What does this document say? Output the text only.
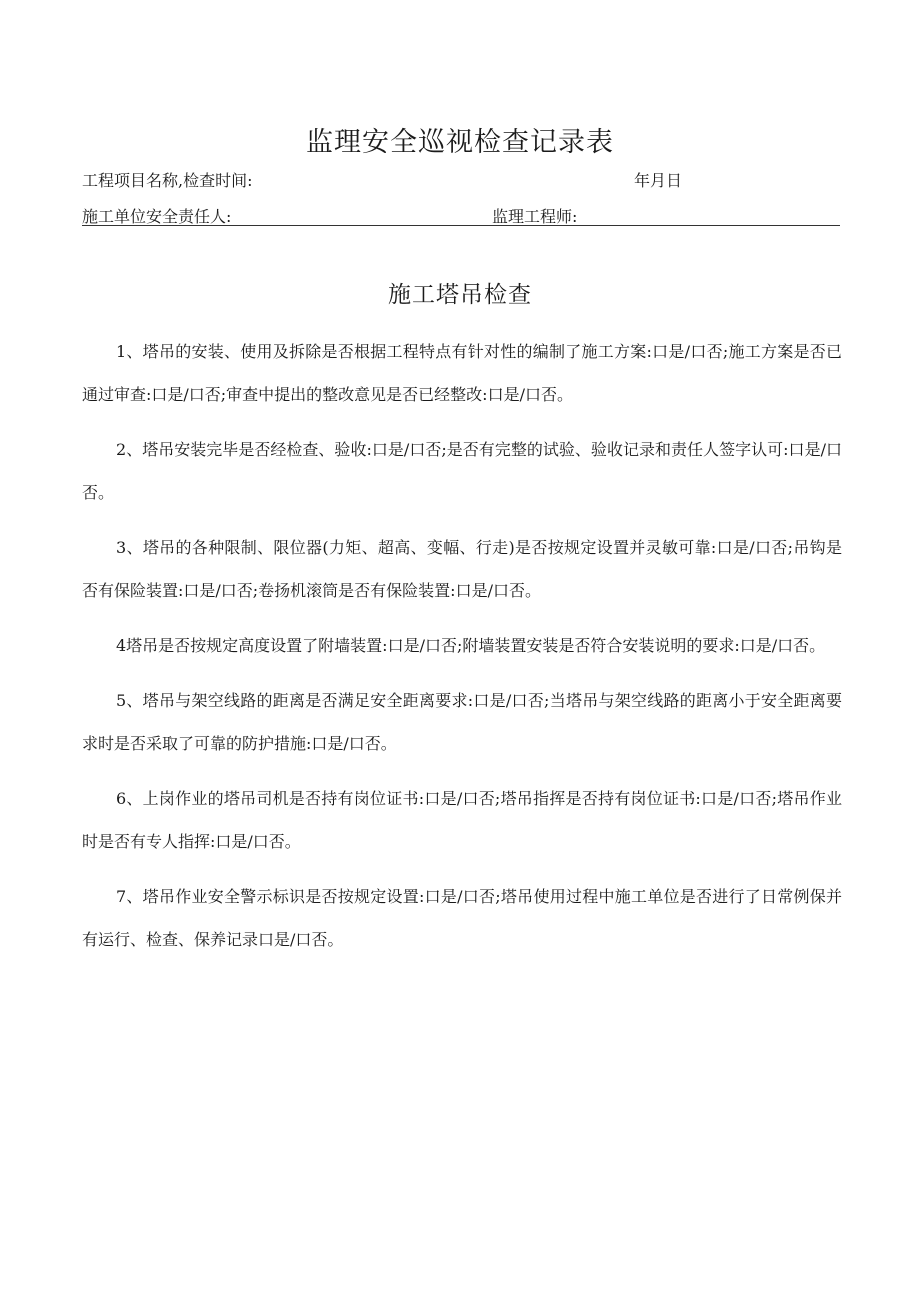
监理安全巡视检查记录表
工程项目名称,检查时间:	年月日
施工单位安全责任人:	监理工程师:
施工塔吊检查

1、塔吊的安装、使用及拆除是否根据工程特点有针对性的编制了施工方案:口是/口否;施工方案是否已通过审查:口是/口否;审查中提出的整改意见是否已经整改:口是/口否。

2、塔吊安装完毕是否经检查、验收:口是/口否;是否有完整的试验、验收记录和责任人签字认可:口是/口否。

3、塔吊的各种限制、限位器(力矩、超高、变幅、行走)是否按规定设置并灵敏可靠:口是/口否;吊钩是否有保险装置:口是/口否;卷扬机滚筒是否有保险装置:口是/口否。

4塔吊是否按规定高度设置了附墙装置:口是/口否;附墙装置安装是否符合安装说明的要求:口是/口否。

5、塔吊与架空线路的距离是否满足安全距离要求:口是/口否;当塔吊与架空线路的距离小于安全距离要求时是否采取了可靠的防护措施:口是/口否。

6、上岗作业的塔吊司机是否持有岗位证书:口是/口否;塔吊指挥是否持有岗位证书:口是/口否;塔吊作业时是否有专人指挥:口是/口否。

7、塔吊作业安全警示标识是否按规定设置:口是/口否;塔吊使用过程中施工单位是否进行了日常例保并有运行、检查、保养记录口是/口否。
